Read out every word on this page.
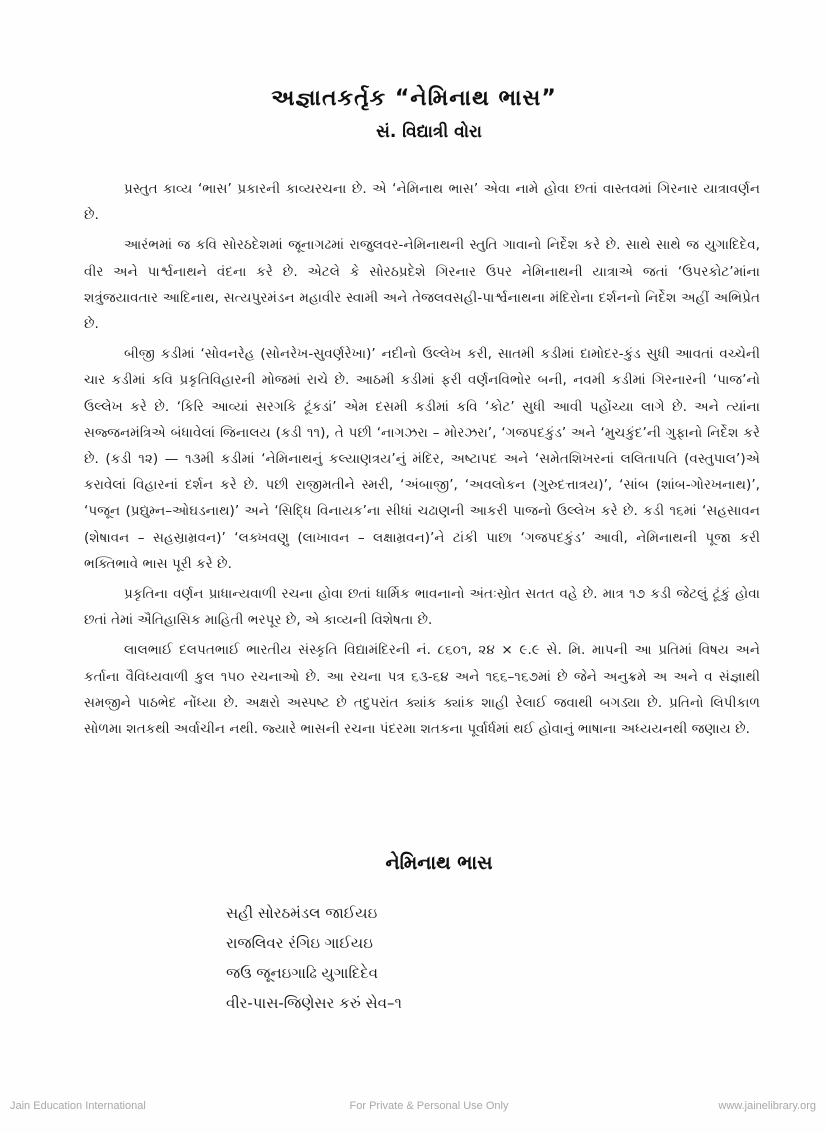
અજ્ઞાતકર્તૃક “નેમિનાથ ભાસ”
સં. વિદ્યાત્રી વોરા

પ્રસ્તુત કાવ્ય ‘ભાસ’ પ્રકારની કાવ્યરચના છે. એ ‘નેમિનાથ ભાસ’ એવા નામે હોવા છતાં વાસ્તવમાં ગિરનાર યાત્રાવર્ણન છે.

આરંભમાં જ કવિ સોરઠદેશમાં જૂનાગઢમાં રાજુલવર-નેમિનાથની સ્તુતિ ગાવાનો નિર્દેશ કરે છે. સાથે સાથે જ યુગાદિદેવ, વીર અને પાર્શ્વનાથને વંદના કરે છે. એટલે કે સોરઠપ્રદેશે ગિરનાર ઉપર નેમિનાથની યાત્રાએ જતાં ‘ઉપરકોટ’માંના શત્રુંજયાવતાર આદિનાથ, સત્યપુરમંડન મહાવીર સ્વામી અને તેજલવસહી-પાર્શ્વનાથના મંદિરોના દર્શનનો નિર્દેશ અહીં અભિપ્રેત છે.

બીજી કડીમાં ‘સોવનરેહ (સોનરેખ-સુવર્ણરેખા)’ નદીનો ઉલ્લેખ કરી, સાતમી કડીમાં દામોદર-કુંડ સુધી આવતાં વચ્ચેની ચાર કડીમાં કવિ પ્રકૃતિવિહારની મોજમાં રાચે છે. આઠમી કડીમાં ફરી વર્ણનવિભોર બની, નવમી કડીમાં ગિરનારની ‘પાજ’નો ઉલ્લેખ કરે છે. ‘કિરિ આવ્યાં સરગકિ ટૂંકડાં’ એમ દસમી કડીમાં કવિ ‘કોટ’ સુધી આવી પહોંચ્યા લાગે છે. અને ત્યાંના સજ્જનમંત્રિએ બંધાવેલાં જિનાલય (કડી ૧૧), તે પછી ‘નાગઝરા – મોરઝરા’, ‘ગજપદકુંડ’ અને ‘મુચકુંદ’ની ગુફાનો નિર્દેશ કરે છે. (કડી ૧૨) — ૧૩મી કડીમાં ‘નેમિનાથનું કલ્યાણત્રય’નું મંદિર, અષ્ટાપદ અને ‘સમેતશિખરનાં લલિતાપતિ (વસ્તુપાલ’)એ કરાવેલાં વિહારનાં દર્શન કરે છે. પછી રાજીમતીને સ્મરી, ‘અંબાજી’, ‘અવલોકન (ગુરુદત્તાત્રય)’, ‘સાંબ (શાંબ-ગોરખનાથ)’, ‘પજૂન (પ્રદ્યુમ્ન–ઓઘડનાથ)’ અને ‘સિદ્ધિ વિનાયક’ના સીધાં ચઢાણની આકરી પાજનો ઉલ્લેખ કરે છે. કડી ૧૬માં ‘સહસાવન (શેષાવન – સહસ્રામ્રવન)’ ‘લક્ખવણુ (લાખાવન – લક્ષામ્રવન)’ને ટાંકી પાછા ‘ગજપદકુંડ’ આવી, નેમિનાથની પૂજા કરી ભક્તિભાવે ભાસ પૂરી કરે છે.

પ્રકૃતિના વર્ણન પ્રાધાન્યવાળી રચના હોવા છતાં ધાર્મિક ભાવનાનો અંતઃસ્રોત સતત વહે છે. માત્ર ૧૭ કડી જેટલું ટૂંકું હોવા છતાં તેમાં ઐતિહાસિક માહિતી ભરપૂર છે, એ કાવ્યની વિશેષતા છે.

લાલભાઈ દલપતભાઈ ભારતીય સંસ્કૃતિ વિદ્યામંદિરની નં. ૮૬૦૧, ૨૪ × ૯.૯ સે. મિ. માપની આ પ્રતિમાં વિષય અને કર્તાના વૈવિધ્યવાળી કુલ ૧૫૦ રચનાઓ છે. આ રચના પત્ર ૬૩-૬૪ અને ૧૬૬–૧૬૭માં છે જેને અનુક્રમે અ અને વ સંજ્ઞાથી સમજીને પાઠભેદ નોંધ્યા છે. અક્ષરો અસ્પષ્ટ છે તદુપરાંત ક્યાંક ક્યાંક શાહી રેલાઈ જવાથી બગડ્યા છે. પ્રતિનો લિપીકાળ સોળમા શતકથી અર્વાચીન નથી. જ્યારે ભાસની રચના પંદરમા શતકના પૂર્વાર્ધમાં થઈ હોવાનું ભાષાના અધ્યયનથી જણાય છે.

નેમિનાથ ભાસ
સહી સોરઠમંડલ જાઈયઇ
રાજલિવર રંગિઇ ગાઈયઇ
જઉ જૂનઇગાઢિ યુગાદિદેવ
વીર-પાસ-જિણેસર કરું સેવ–૧
Jain Education International	For Private & Personal Use Only	www.jainelibrary.org
